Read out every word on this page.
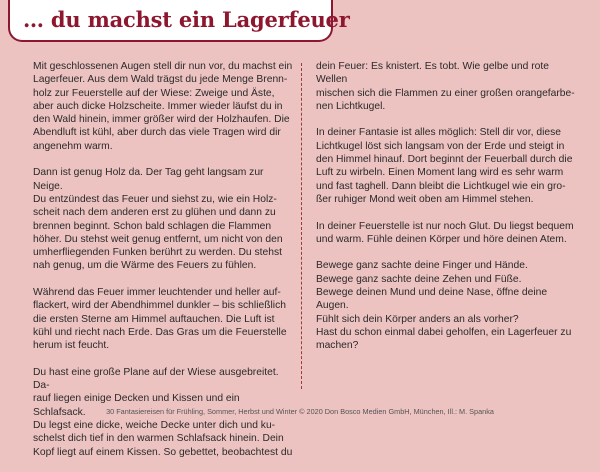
… du machst ein Lagerfeuer

Mit geschlossenen Augen stell dir nun vor, du machst ein
Lagerfeuer. Aus dem Wald trägst du jede Menge Brenn-
holz zur Feuerstelle auf der Wiese: Zweige und Äste,
aber auch dicke Holzscheite. Immer wieder läufst du in
den Wald hinein, immer größer wird der Holzhaufen. Die
Abendluft ist kühl, aber durch das viele Tragen wird dir
angenehm warm.

Dann ist genug Holz da. Der Tag geht langsam zur Neige.
Du entzündest das Feuer und siehst zu, wie ein Holz-
scheit nach dem anderen erst zu glühen und dann zu
brennen beginnt. Schon bald schlagen die Flammen
höher. Du stehst weit genug entfernt, um nicht von den
umherfliegenden Funken berührt zu werden. Du stehst
nah genug, um die Wärme des Feuers zu fühlen.

Während das Feuer immer leuchtender und heller auf-
flackert, wird der Abendhimmel dunkler – bis schließlich
die ersten Sterne am Himmel auftauchen. Die Luft ist
kühl und riecht nach Erde. Das Gras um die Feuerstelle
herum ist feucht.

Du hast eine große Plane auf der Wiese ausgebreitet. Da-
rauf liegen einige Decken und Kissen und ein Schlafsack.
Du legst eine dicke, weiche Decke unter dich und ku-
schelst dich tief in den warmen Schlafsack hinein. Dein
Kopf liegt auf einem Kissen. So gebettet, beobachtest du

dein Feuer: Es knistert. Es tobt. Wie gelbe und rote Wellen
mischen sich die Flammen zu einer großen orangefarbe-
nen Lichtkugel.

In deiner Fantasie ist alles möglich: Stell dir vor, diese
Lichtkugel löst sich langsam von der Erde und steigt in
den Himmel hinauf. Dort beginnt der Feuerball durch die
Luft zu wirbeln. Einen Moment lang wird es sehr warm
und fast taghell. Dann bleibt die Lichtkugel wie ein gro-
ßer ruhiger Mond weit oben am Himmel stehen.

In deiner Feuerstelle ist nur noch Glut. Du liegst bequem
und warm. Fühle deinen Körper und höre deinen Atem.

Bewege ganz sachte deine Finger und Hände.
Bewege ganz sachte deine Zehen und Füße.
Bewege deinen Mund und deine Nase, öffne deine Augen.
Fühlt sich dein Körper anders an als vorher?
Hast du schon einmal dabei geholfen, ein Lagerfeuer zu
machen?

30 Fantasiereisen für Frühling, Sommer, Herbst und Winter © 2020 Don Bosco Medien GmbH, München, Ill.: M. Spanka
